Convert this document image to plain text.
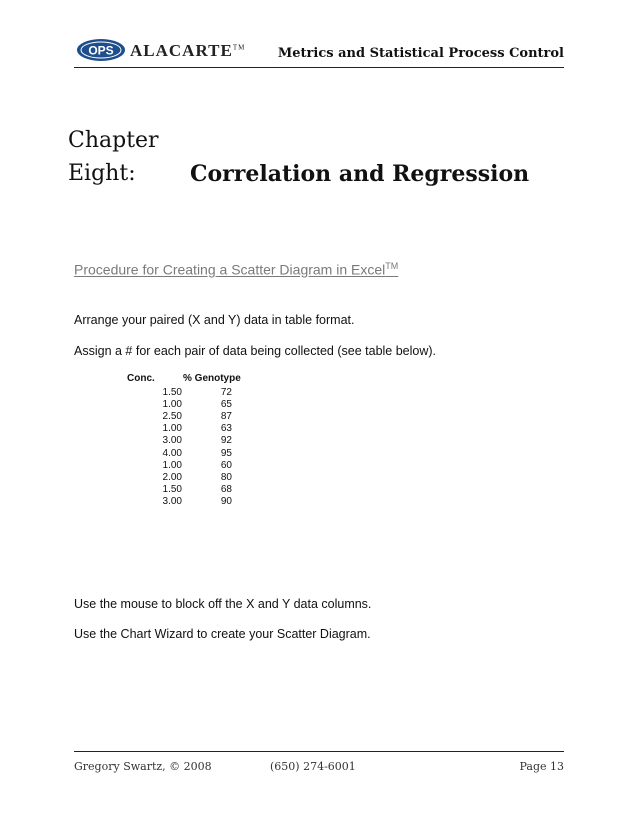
OPS ALACARTE™	Metrics and Statistical Process Control
Chapter
Eight: Correlation and Regression
Procedure for Creating a Scatter Diagram in Excel™
Arrange your paired (X and Y) data in table format.
Assign a # for each pair of data being collected (see table below).
Conc.	% Genotype
1.50	72
1.00	65
2.50	87
1.00	63
3.00	92
4.00	95
1.00	60
2.00	80
1.50	68
3.00	90
Use the mouse to block off the X and Y data columns.
Use the Chart Wizard to create your Scatter Diagram.
Gregory Swartz, © 2008	(650) 274-6001	Page 13
